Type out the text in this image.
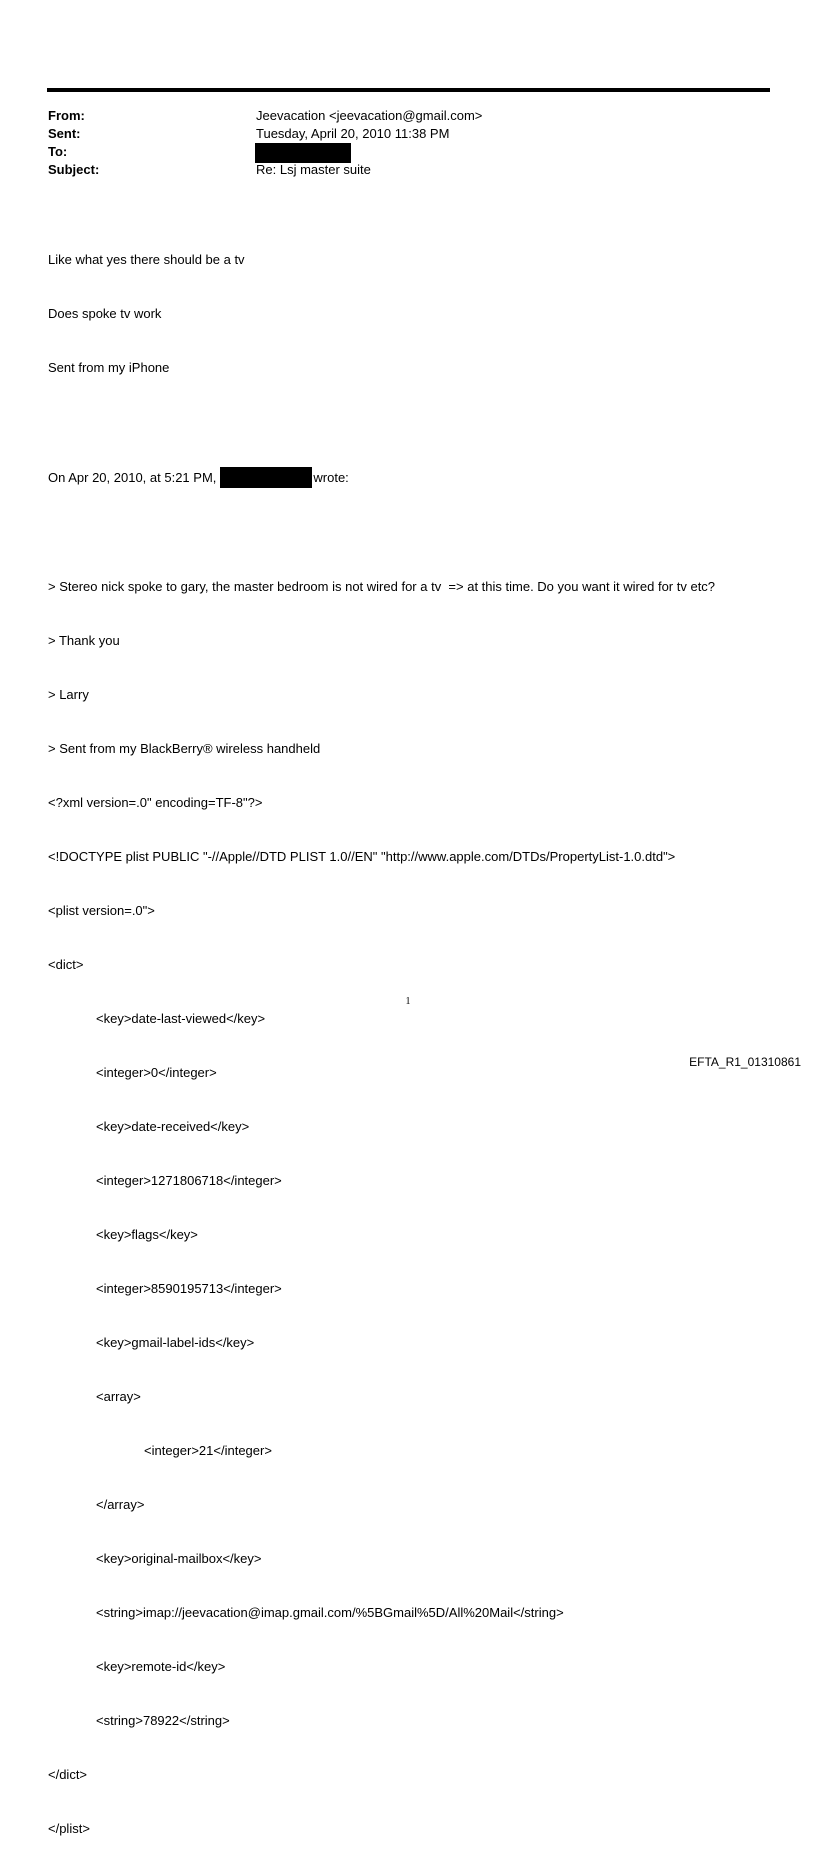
From:	Jeevacation <jeevacation@gmail.com>
Sent:	Tuesday, April 20, 2010 11:38 PM
To:
Subject:	Re: Lsj master suite

Like what yes there should be a tv

Does spoke tv work

Sent from my iPhone

On Apr 20, 2010, at 5:21 PM,	wrote:

> Stereo nick spoke to gary, the master bedroom is not wired for a tv  => at this time. Do you want it wired for tv etc?

> Thank you

> Larry

> Sent from my BlackBerry® wireless handheld

<?xml version=.0" encoding=TF-8"?>

<!DOCTYPE plist PUBLIC "-//Apple//DTD PLIST 1.0//EN" "http://www.apple.com/DTDs/PropertyList-1.0.dtd">

<plist version=.0">

<dict>

<key>date-last-viewed</key>

<integer>0</integer>

<key>date-received</key>

<integer>1271806718</integer>

<key>flags</key>

<integer>8590195713</integer>

<key>gmail-label-ids</key>

<array>

<integer>21</integer>

</array>

<key>original-mailbox</key>

<string>imap://jeevacation@imap.gmail.com/%5BGmail%5D/All%20Mail</string>

<key>remote-id</key>

<string>78922</string>

</dict>

</plist>

1
EFTA_R1_01310861
